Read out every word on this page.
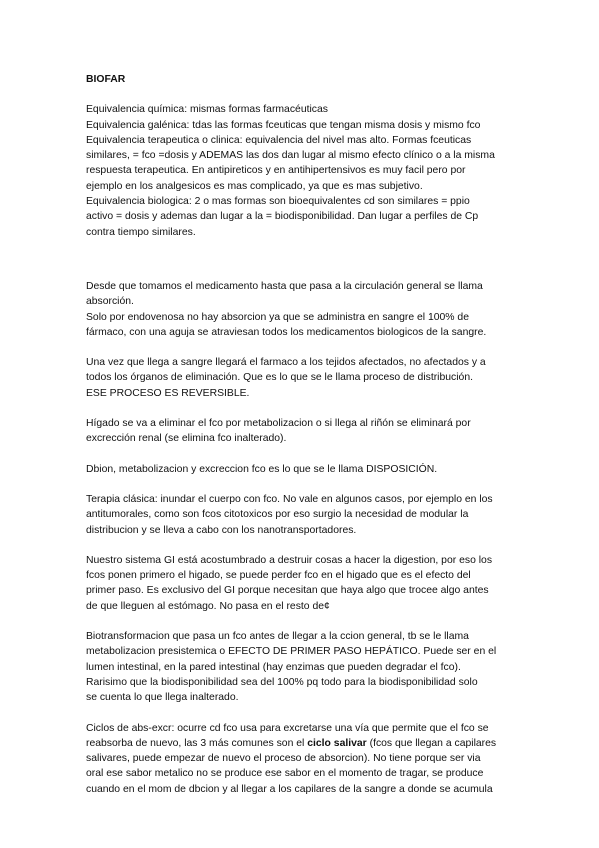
BIOFAR
Equivalencia química: mismas formas farmacéuticas
Equivalencia galénica: tdas las formas fceuticas que tengan misma dosis y mismo fco
Equivalencia terapeutica o clinica: equivalencia del nivel mas alto. Formas fceuticas
similares, = fco =dosis y ADEMAS las dos dan lugar al mismo efecto clínico o a la misma
respuesta terapeutica. En antipireticos y en antihipertensivos es muy facil pero por
ejemplo en los analgesicos es mas complicado, ya que es mas subjetivo.
Equivalencia biologica: 2 o mas formas son bioequivalentes cd son similares = ppio
activo = dosis y ademas dan lugar a la = biodisponibilidad. Dan lugar a perfiles de Cp
contra tiempo similares.
Desde que tomamos el medicamento hasta que pasa a la circulación general se llama
absorción.
Solo por endovenosa no hay absorcion ya que se administra en sangre el 100% de
fármaco, con una aguja se atraviesan todos los medicamentos biologicos de la sangre.
Una vez que llega a sangre llegará el farmaco a los tejidos afectados, no afectados y a
todos los órganos de eliminación. Que es lo que se le llama proceso de distribución.
ESE PROCESO ES REVERSIBLE.
Hígado se va a eliminar el fco por metabolizacion o si llega al riñón se eliminará por
excrección renal (se elimina fco inalterado).
Dbion, metabolizacion y excreccion fco es lo que se le llama DISPOSICIÓN.
Terapia clásica: inundar el cuerpo con fco. No vale en algunos casos, por ejemplo en los
antitumorales, como son fcos citotoxicos por eso surgio la necesidad de modular la
distribucion y se lleva a cabo con los nanotransportadores.
Nuestro sistema GI está acostumbrado a destruir cosas a hacer la digestion, por eso los
fcos ponen primero el higado, se puede perder fco en el higado que es el efecto del
primer paso. Es exclusivo del GI porque necesitan que haya algo que trocee algo antes
de que lleguen al estómago. No pasa en el resto de¢
Biotransformacion que pasa un fco antes de llegar a la ccion general, tb se le llama
metabolizacion presistemica o EFECTO DE PRIMER PASO HEPÁTICO. Puede ser en el
lumen intestinal, en la pared intestinal (hay enzimas que pueden degradar el fco).
Rarisimo que la biodisponibilidad sea del 100% pq todo para la biodisponibilidad solo
se cuenta lo que llega inalterado.
Ciclos de abs-excr: ocurre cd fco usa para excretarse una vía que permite que el fco se
reabsorba de nuevo, las 3 más comunes son el ciclo salivar (fcos que llegan a capilares
salivares, puede empezar de nuevo el proceso de absorcion). No tiene porque ser via
oral ese sabor metalico no se produce ese sabor en el momento de tragar, se produce
cuando en el mom de dbcion y al llegar a los capilares de la sangre a donde se acumula
